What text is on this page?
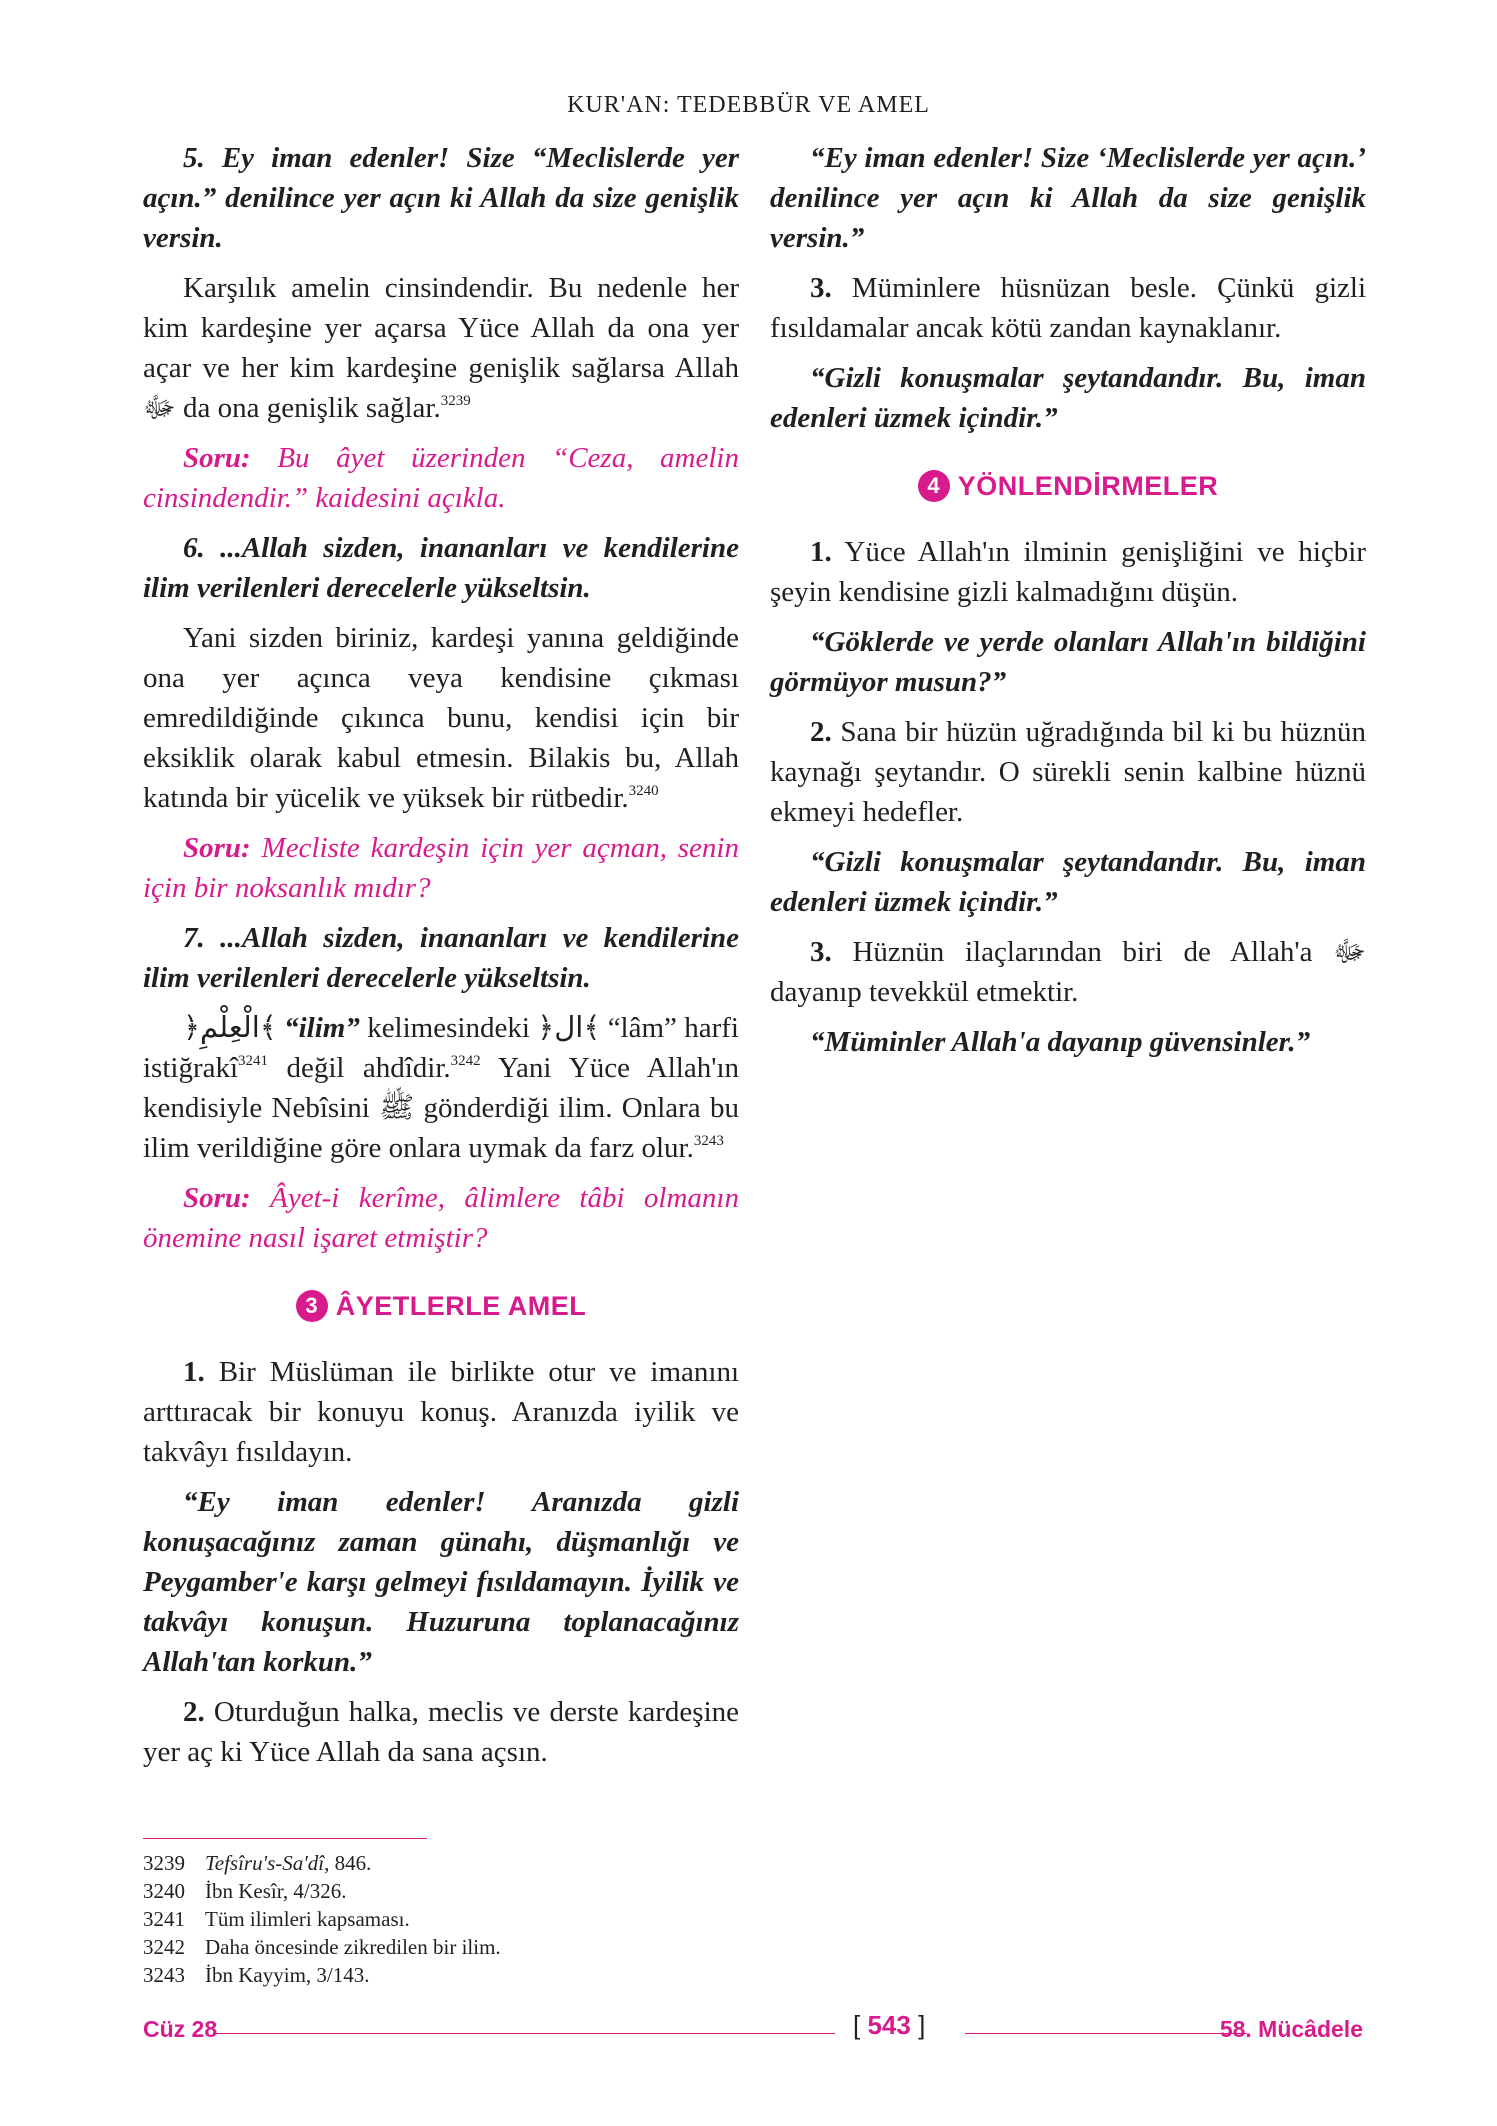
KUR'AN: TEDEBBÜR VE AMEL

5. Ey iman edenler! Size “Meclislerde yer açın.” denilince yer açın ki Allah da size genişlik versin.

Karşılık amelin cinsindendir. Bu nedenle her kim kardeşine yer açarsa Yüce Allah da ona yer açar ve her kim kardeşine genişlik sağlarsa Allah ﷻ da ona genişlik sağlar.$^{3239}$

Soru: Bu âyet üzerinden “Ceza, amelin cinsindendir.” kaidesini açıkla.

6. ...Allah sizden, inananları ve kendilerine ilim verilenleri derecelerle yükseltsin.

Yani sizden biriniz, kardeşi yanına geldiğinde ona yer açınca veya kendisine çıkması emredildiğinde çıkınca bunu, kendisi için bir eksiklik olarak kabul etmesin. Bilakis bu, Allah katında bir yücelik ve yüksek bir rütbedir.$^{3240}$

Soru: Mecliste kardeşin için yer açman, senin için bir noksanlık mıdır?

7. ...Allah sizden, inananları ve kendilerine ilim verilenleri derecelerle yükseltsin.

﴿الْعِلْمِ﴾ “ilim” kelimesindeki ﴿ال﴾ “lâm” harfi istiğrakî$^{3241}$ değil ahdîdir.$^{3242}$ Yani Yüce Allah'ın kendisiyle Nebîsini ﷺ gönderdiği ilim. Onlara bu ilim verildiğine göre onlara uymak da farz olur.$^{3243}$

Soru: Âyet-i kerîme, âlimlere tâbi olmanın önemine nasıl işaret etmiştir?

3 ÂYETLERLE AMEL

1. Bir Müslüman ile birlikte otur ve imanını arttıracak bir konuyu konuş. Aranızda iyilik ve takvâyı fısıldayın.

“Ey iman edenler! Aranızda gizli konuşacağınız zaman günahı, düşmanlığı ve Peygamber'e karşı gelmeyi fısıldamayın. İyilik ve takvâyı konuşun. Huzuruna toplanacağınız Allah'tan korkun.”

2. Oturduğun halka, meclis ve derste kardeşine yer aç ki Yüce Allah da sana açsın.

“Ey iman edenler! Size ‘Meclislerde yer açın.’ denilince yer açın ki Allah da size genişlik versin.”

3. Müminlere hüsnüzan besle. Çünkü gizli fısıldamalar ancak kötü zandan kaynaklanır.

“Gizli konuşmalar şeytandandır. Bu, iman edenleri üzmek içindir.”

4 YÖNLENDİRMELER

1. Yüce Allah'ın ilminin genişliğini ve hiçbir şeyin kendisine gizli kalmadığını düşün.

“Göklerde ve yerde olanları Allah'ın bildiğini görmüyor musun?”

2. Sana bir hüzün uğradığında bil ki bu hüznün kaynağı şeytandır. O sürekli senin kalbine hüznü ekmeyi hedefler.

“Gizli konuşmalar şeytandandır. Bu, iman edenleri üzmek içindir.”

3. Hüznün ilaçlarından biri de Allah'a ﷻ dayanıp tevekkül etmektir.

“Müminler Allah'a dayanıp güvensinler.”

3239 Tefsîru's-Sa'dî, 846.
3240 İbn Kesîr, 4/326.
3241 Tüm ilimleri kapsaması.
3242 Daha öncesinde zikredilen bir ilim.
3243 İbn Kayyim, 3/143.
Cüz 28	[ 543 ]	58. Mücâdele
